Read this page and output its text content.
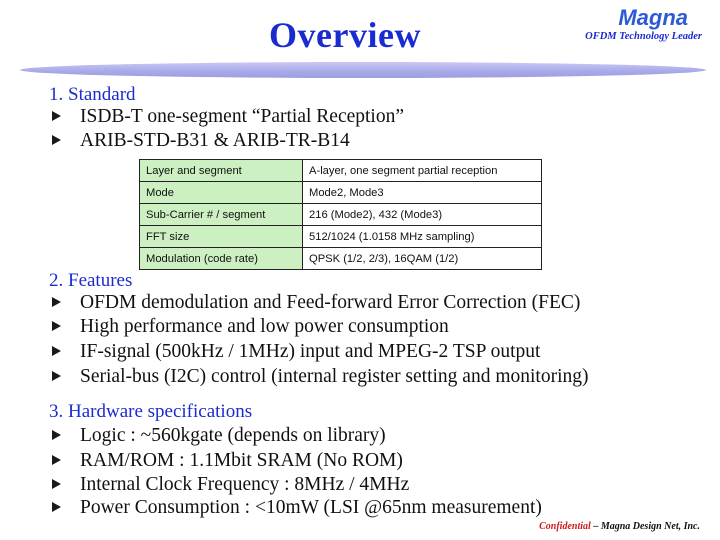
Overview	Magna
OFDM Technology Leader
1. Standard
ISDB-T one-segment “Partial Reception”
ARIB-STD-B31 & ARIB-TR-B14
Layer and segment	A-layer, one segment partial reception
Mode	Mode2, Mode3
Sub-Carrier # / segment	216 (Mode2), 432 (Mode3)
FFT size	512/1024 (1.0158 MHz sampling)
Modulation (code rate)	QPSK (1/2, 2/3), 16QAM (1/2)
2. Features
OFDM demodulation and Feed-forward Error Correction (FEC)
High performance and low power consumption
IF-signal (500kHz / 1MHz) input and MPEG-2 TSP output
Serial-bus (I2C) control (internal register setting and monitoring)
3. Hardware specifications
Logic : ~560kgate (depends on library)
RAM/ROM : 1.1Mbit SRAM (No ROM)
Internal Clock Frequency : 8MHz / 4MHz
Power Consumption : <10mW (LSI @65nm measurement)
Confidential – Magna Design Net, Inc.
